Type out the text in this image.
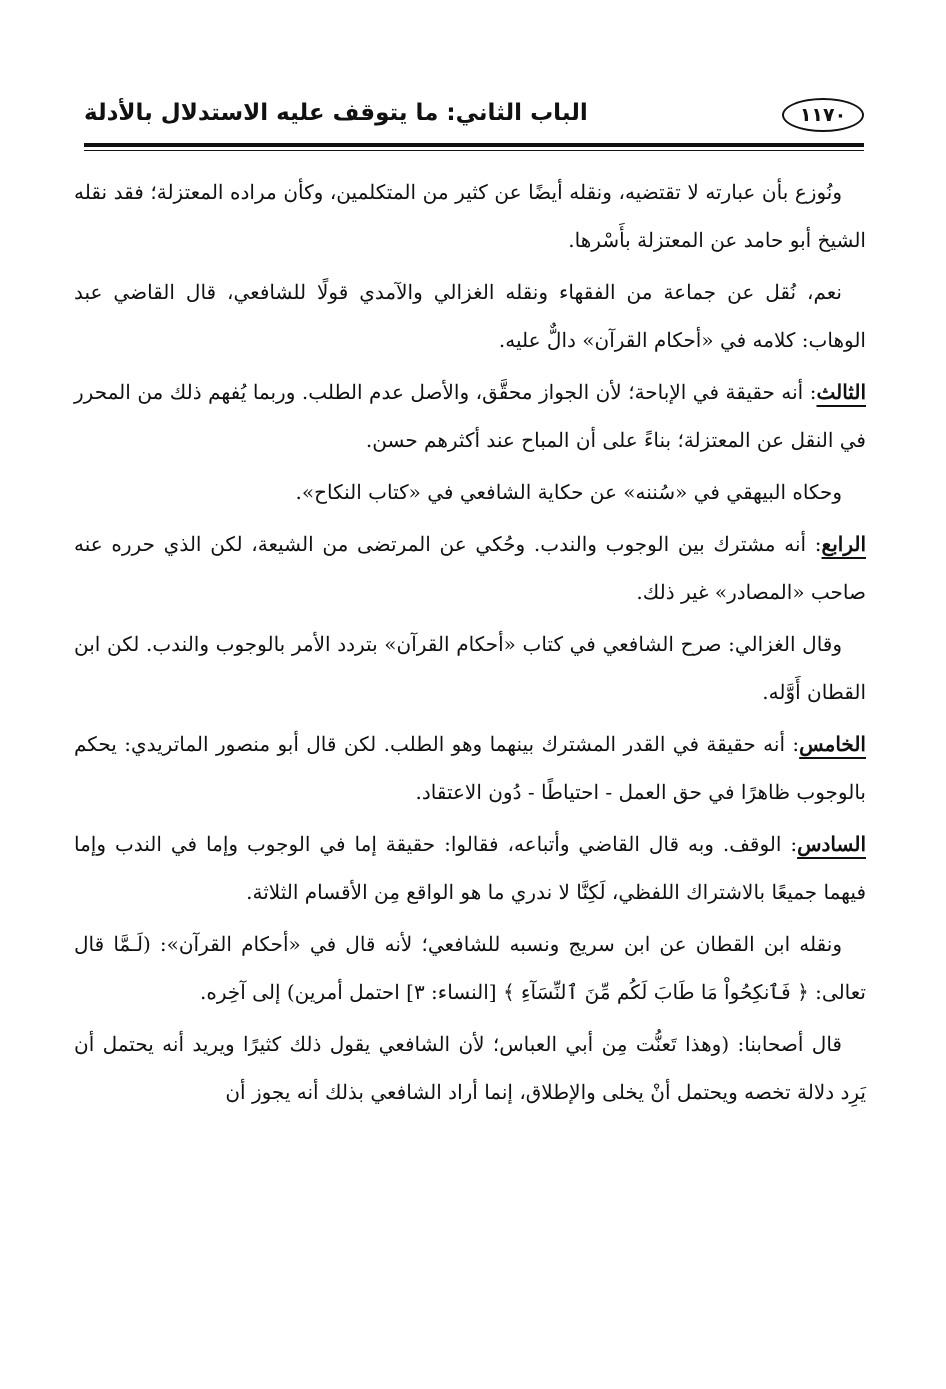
١١٧٠
الباب الثاني: ما يتوقف عليه الاستدلال بالأدلة

ونُوزع بأن عبارته لا تقتضيه، ونقله أيضًا عن كثير من المتكلمين، وكأن مراده المعتزلة؛ فقد نقله الشيخ أبو حامد عن المعتزلة بأَسْرها.

نعم، نُقل عن جماعة من الفقهاء ونقله الغزالي والآمدي قولًا للشافعي، قال القاضي عبد الوهاب: كلامه في «أحكام القرآن» دالٌّ عليه.

الثالث: أنه حقيقة في الإباحة؛ لأن الجواز محقَّق، والأصل عدم الطلب. وربما يُفهم ذلك من المحرر في النقل عن المعتزلة؛ بناءً على أن المباح عند أكثرهم حسن.

وحكاه البيهقي في «سُننه» عن حكاية الشافعي في «كتاب النكاح».

الرابع: أنه مشترك بين الوجوب والندب. وحُكي عن المرتضى من الشيعة، لكن الذي حرره عنه صاحب «المصادر» غير ذلك.

وقال الغزالي: صرح الشافعي في كتاب «أحكام القرآن» بتردد الأمر بالوجوب والندب. لكن ابن القطان أَوَّله.

الخامس: أنه حقيقة في القدر المشترك بينهما وهو الطلب. لكن قال أبو منصور الماتريدي: يحكم بالوجوب ظاهرًا في حق العمل - احتياطًا - دُون الاعتقاد.

السادس: الوقف. وبه قال القاضي وأتباعه، فقالوا: حقيقة إما في الوجوب وإما في الندب وإما فيهما جميعًا بالاشتراك اللفظي، لَكِنَّا لا ندري ما هو الواقع مِن الأقسام الثلاثة.

ونقله ابن القطان عن ابن سريج ونسبه للشافعي؛ لأنه قال في «أحكام القرآن»: (لَـمَّا قال تعالى: ﴿ فَٱنكِحُواْ مَا طَابَ لَكُم مِّنَ ٱلنِّسَآءِ ﴾ [النساء: ٣] احتمل أمرين) إلى آخِره.

قال أصحابنا: (وهذا تَعنُّت مِن أبي العباس؛ لأن الشافعي يقول ذلك كثيرًا ويريد أنه يحتمل أن يَرِد دلالة تخصه ويحتمل أنْ يخلى والإطلاق، إنما أراد الشافعي بذلك أنه يجوز أن
